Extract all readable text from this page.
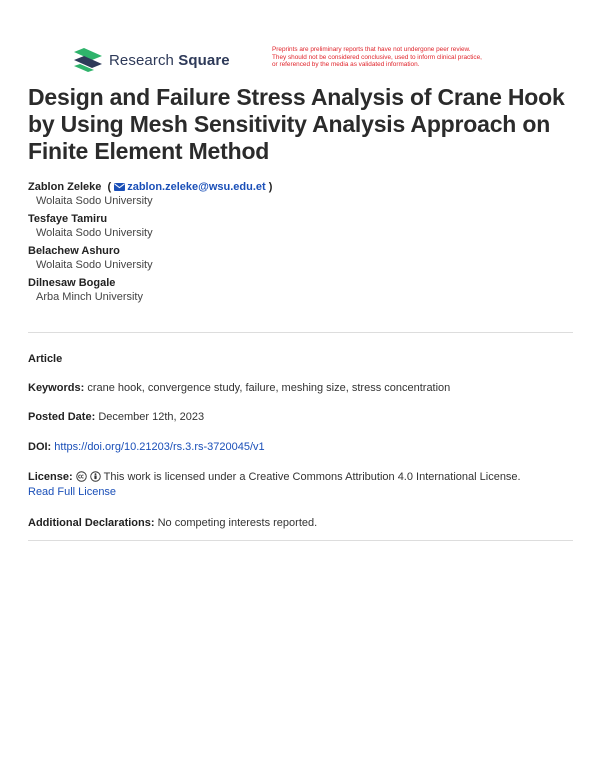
Research Square
Preprints are preliminary reports that have not undergone peer review.
They should not be considered conclusive, used to inform clinical practice,
or referenced by the media as validated information.
Design and Failure Stress Analysis of Crane Hook by Using Mesh Sensitivity Analysis Approach on Finite Element Method
Zablon Zeleke  ( zablon.zeleke@wsu.edu.et )
Wolaita Sodo University
Tesfaye Tamiru
Wolaita Sodo University
Belachew Ashuro
Wolaita Sodo University
Dilnesaw Bogale
Arba Minch University
Article
Keywords: crane hook, convergence study, failure, meshing size, stress concentration
Posted Date: December 12th, 2023
DOI: https://doi.org/10.21203/rs.3.rs-3720045/v1
License:	This work is licensed under a Creative Commons Attribution 4.0 International License.
Read Full License
Additional Declarations: No competing interests reported.
